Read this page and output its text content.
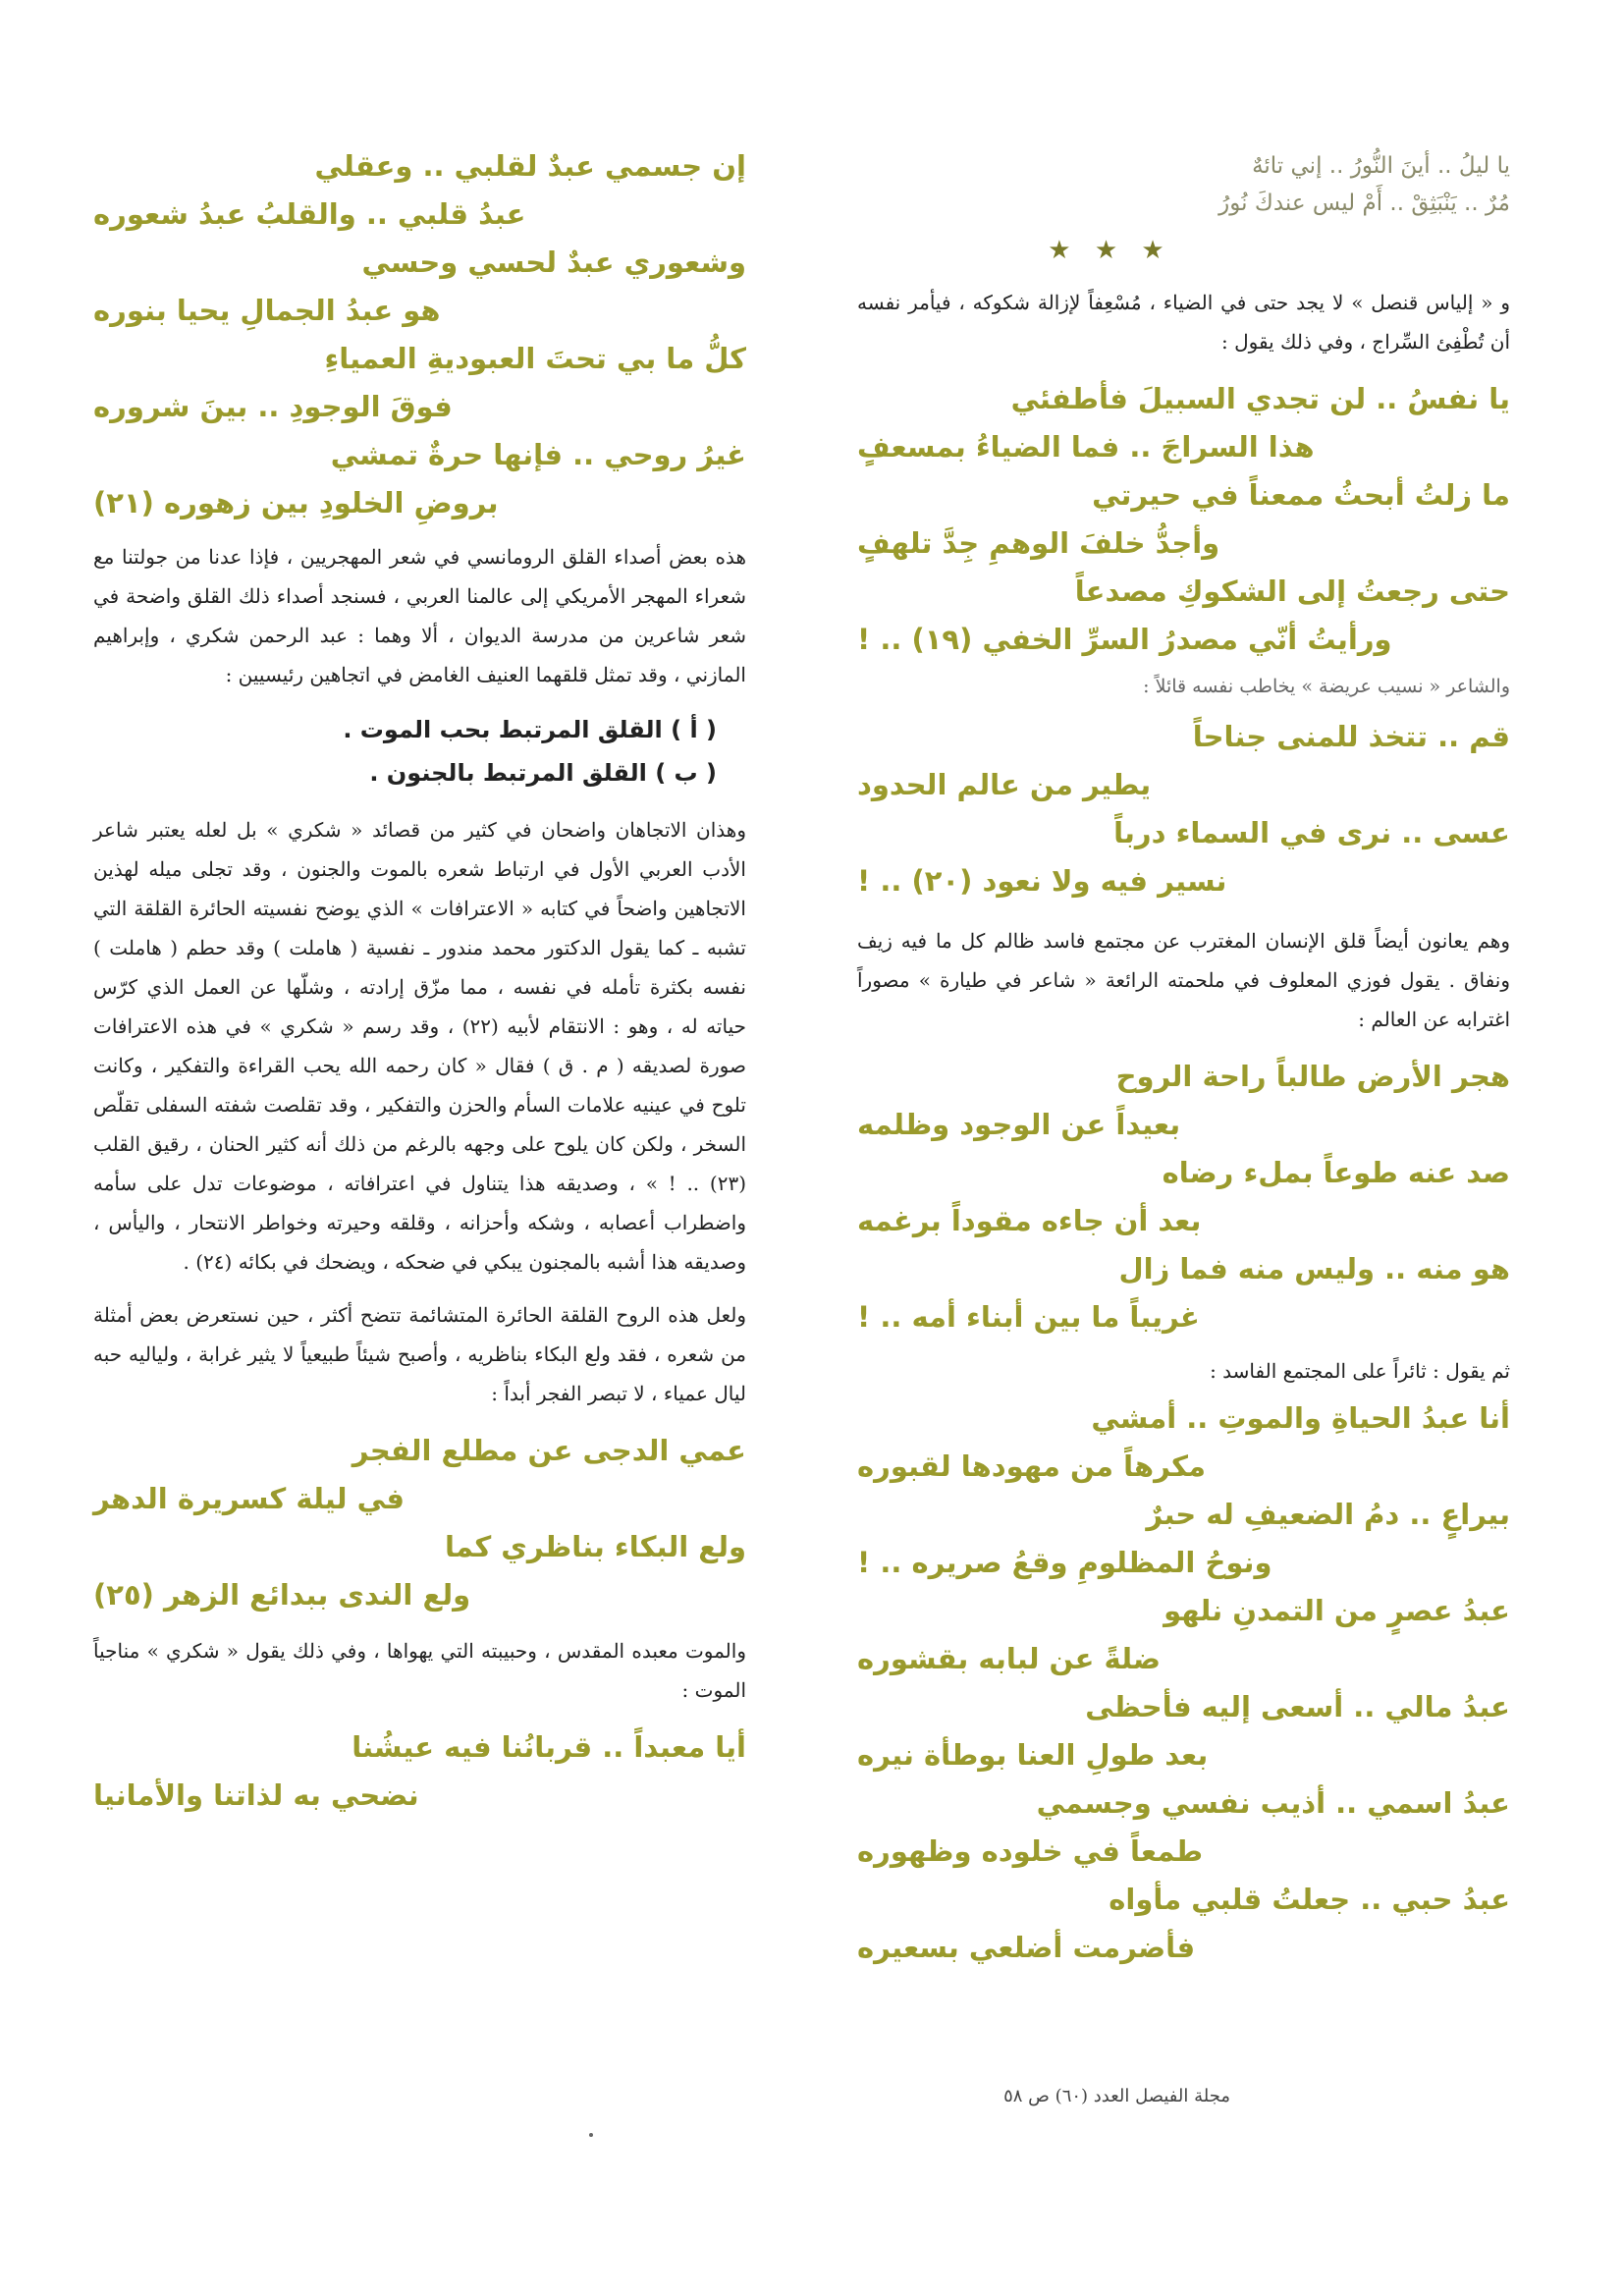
يا ليلُ .. أينَ النُّورُ .. إني تائهٌ
مُرٌ .. يَنْبَثِقْ .. أَمْ ليس عندكَ نُورُ
★ ★ ★

و « إلياس قنصل » لا يجد حتى في الضياء ، مُسْعِفاً لإزالة شكوكه ، فيأمر نفسه أن تُطْفِئ السِّراج ، وفي ذلك يقول :

يا نفسُ .. لن تجدي السبيلَ فأطفئي
هذا السراجَ .. فما الضياءُ بمسعفٍ
ما زلتُ أبحثُ ممعناً في حيرتي
وأجدُّ خلفَ الوهمِ جِدَّ تلهفٍ
حتى رجعتُ إلى الشكوكِ مصدعاً
ورأيتُ أنّي مصدرُ السرِّ الخفي (١٩) .. !

والشاعر « نسيب عريضة » يخاطب نفسه قائلاً :

قم .. تتخذ للمنى جناحاً
يطير من عالم الحدود
عسى .. نرى في السماء درباً
نسير فيه ولا نعود (٢٠) .. !

وهم يعانون أيضاً قلق الإنسان المغترب عن مجتمع فاسد ظالم كل ما فيه زيف ونفاق . يقول فوزي المعلوف في ملحمته الرائعة « شاعر في طيارة » مصوراً اغترابه عن العالم :

هجر الأرض طالباً راحة الروح
بعيداً عن الوجود وظلمه
صد عنه طوعاً بملء رضاه
بعد أن جاءه مقوداً برغمه
هو منه .. وليس منه فما زال
غريباً ما بين أبناء أمه .. !

ثم يقول : ثائراً على المجتمع الفاسد :

أنا عبدُ الحياةِ والموتِ .. أمشي
مكرهاً من مهودها لقبوره
بيراعٍ .. دمُ الضعيفِ له حبرٌ
ونوحُ المظلومِ وقعُ صريره .. !
عبدُ عصرٍ من التمدنِ نلهو
ضلةً عن لبابه بقشوره
عبدُ مالي .. أسعى إليه فأحظى
بعد طولِ العنا بوطأة نيره
عبدُ اسمي .. أذيب نفسي وجسمي
طمعاً في خلوده وظهوره
عبدُ حبي .. جعلتُ قلبي مأواه
فأضرمت أضلعي بسعيره
إن جسمي عبدٌ لقلبي .. وعقلي
عبدُ قلبي .. والقلبُ عبدُ شعوره
وشعوري عبدٌ لحسي وحسي
هو عبدُ الجمالِ يحيا بنوره
كلُّ ما بي تحتَ العبوديةِ العمياءِ
فوقَ الوجودِ .. بينَ شروره
غيرُ روحي .. فإنها حرةٌ تمشي
بروضِ الخلودِ بين زهوره (٢١)

هذه بعض أصداء القلق الرومانسي في شعر المهجريين ، فإذا عدنا من جولتنا مع شعراء المهجر الأمريكي إلى عالمنا العربي ، فسنجد أصداء ذلك القلق واضحة في شعر شاعرين من مدرسة الديوان ، ألا وهما : عبد الرحمن شكري ، وإبراهيم المازني ، وقد تمثل قلقهما العنيف الغامض في اتجاهين رئيسيين :

( أ ) القلق المرتبط بحب الموت .

( ب ) القلق المرتبط بالجنون .

وهذان الاتجاهان واضحان في كثير من قصائد « شكري » بل لعله يعتبر شاعر الأدب العربي الأول في ارتباط شعره بالموت والجنون ، وقد تجلى ميله لهذين الاتجاهين واضحاً في كتابه « الاعترافات » الذي يوضح نفسيته الحائرة القلقة التي تشبه ـ كما يقول الدكتور محمد مندور ـ نفسية ( هاملت ) وقد حطم ( هاملت ) نفسه بكثرة تأمله في نفسه ، مما مزّق إرادته ، وشلّها عن العمل الذي كرّس حياته له ، وهو : الانتقام لأبيه (٢٢) ، وقد رسم « شكري » في هذه الاعترافات صورة لصديقه ( م . ق ) فقال « كان رحمه الله يحب القراءة والتفكير ، وكانت تلوح في عينيه علامات السأم والحزن والتفكير ، وقد تقلصت شفته السفلى تقلّص السخر ، ولكن كان يلوح على وجهه بالرغم من ذلك أنه كثير الحنان ، رقيق القلب (٢٣) .. ! » ، وصديقه هذا يتناول في اعترافاته ، موضوعات تدل على سأمه واضطراب أعصابه ، وشكه وأحزانه ، وقلقه وحيرته وخواطر الانتحار ، واليأس ، وصديقه هذا أشبه بالمجنون يبكي في ضحكه ، ويضحك في بكائه (٢٤) .

ولعل هذه الروح القلقة الحائرة المتشائمة تتضح أكثر ، حين نستعرض بعض أمثلة من شعره ، فقد ولع البكاء بناظريه ، وأصبح شيئاً طبيعياً لا يثير غرابة ، ولياليه حبه ليال عمياء ، لا تبصر الفجر أبداً :

عمي الدجى عن مطلع الفجر
في ليلة كسريرة الدهر
ولع البكاء بناظري كما
ولع الندى ببدائع الزهر (٢٥)

والموت معبده المقدس ، وحبيبته التي يهواها ، وفي ذلك يقول « شكري » مناجياً الموت :

أيا معبداً .. قربانُنا فيه عيشُنا
نضحي به لذاتنا والأمانيا
مجلة الفيصل العدد (٦٠) ص ٥٨
